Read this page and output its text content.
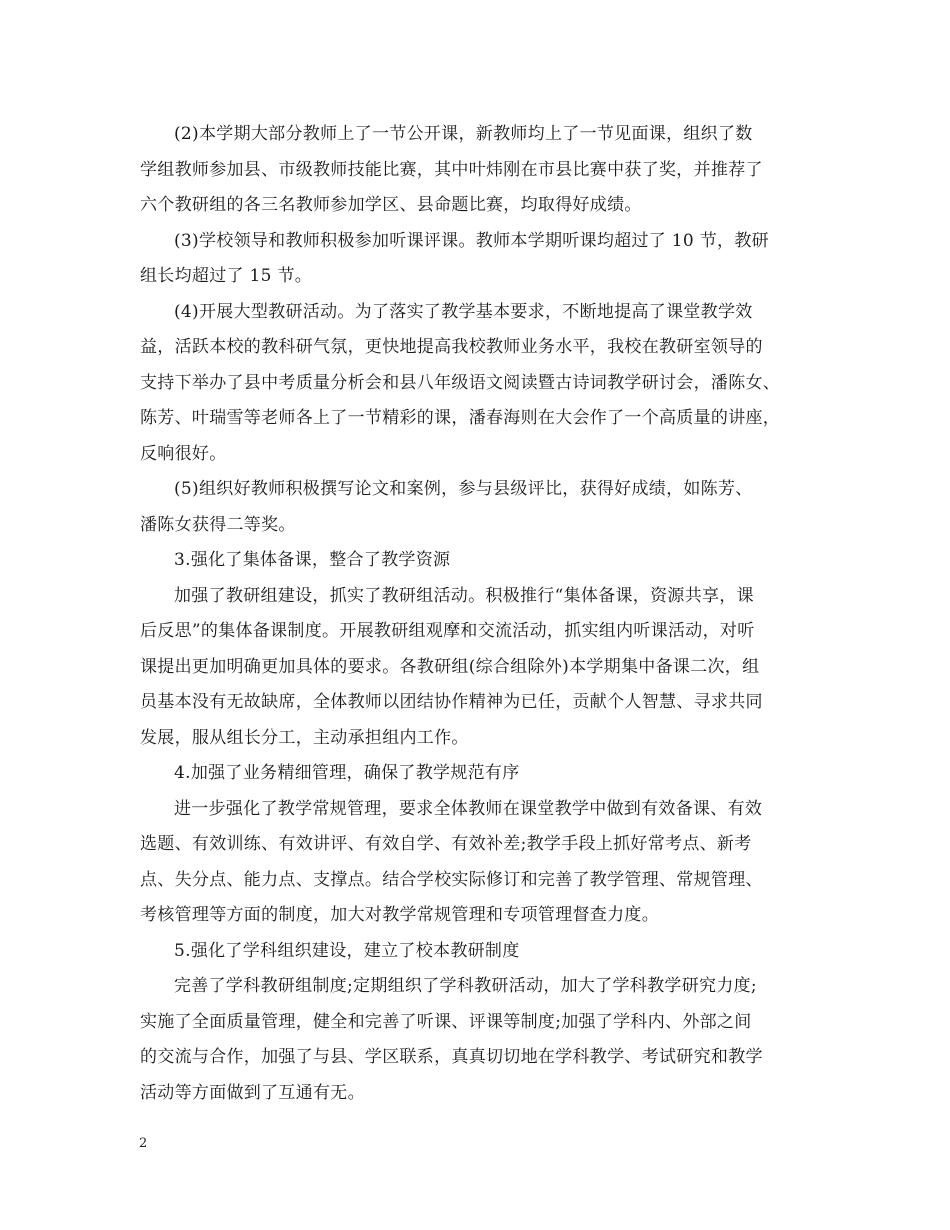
(2)本学期大部分教师上了一节公开课，新教师均上了一节见面课，组织了数
学组教师参加县、市级教师技能比赛，其中叶炜刚在市县比赛中获了奖，并推荐了
六个教研组的各三名教师参加学区、县命题比赛，均取得好成绩。
(3)学校领导和教师积极参加听课评课。教师本学期听课均超过了 10 节，教研
组长均超过了 15 节。
(4)开展大型教研活动。为了落实了教学基本要求，不断地提高了课堂教学效
益，活跃本校的教科研气氛，更快地提高我校教师业务水平，我校在教研室领导的
支持下举办了县中考质量分析会和县八年级语文阅读暨古诗词教学研讨会，潘陈女、
陈芳、叶瑞雪等老师各上了一节精彩的课，潘春海则在大会作了一个高质量的讲座，
反响很好。
(5)组织好教师积极撰写论文和案例，参与县级评比，获得好成绩，如陈芳、
潘陈女获得二等奖。
3.强化了集体备课，整合了教学资源
加强了教研组建设，抓实了教研组活动。积极推行“集体备课，资源共享，课
后反思”的集体备课制度。开展教研组观摩和交流活动，抓实组内听课活动，对听
课提出更加明确更加具体的要求。各教研组(综合组除外)本学期集中备课二次，组
员基本没有无故缺席，全体教师以团结协作精神为已任，贡献个人智慧、寻求共同
发展，服从组长分工，主动承担组内工作。
4.加强了业务精细管理，确保了教学规范有序
进一步强化了教学常规管理，要求全体教师在课堂教学中做到有效备课、有效
选题、有效训练、有效讲评、有效自学、有效补差;教学手段上抓好常考点、新考
点、失分点、能力点、支撑点。结合学校实际修订和完善了教学管理、常规管理、
考核管理等方面的制度，加大对教学常规管理和专项管理督查力度。
5.强化了学科组织建设，建立了校本教研制度
完善了学科教研组制度;定期组织了学科教研活动，加大了学科教学研究力度;
实施了全面质量管理，健全和完善了听课、评课等制度;加强了学科内、外部之间
的交流与合作，加强了与县、学区联系，真真切切地在学科教学、考试研究和教学
活动等方面做到了互通有无。
2
